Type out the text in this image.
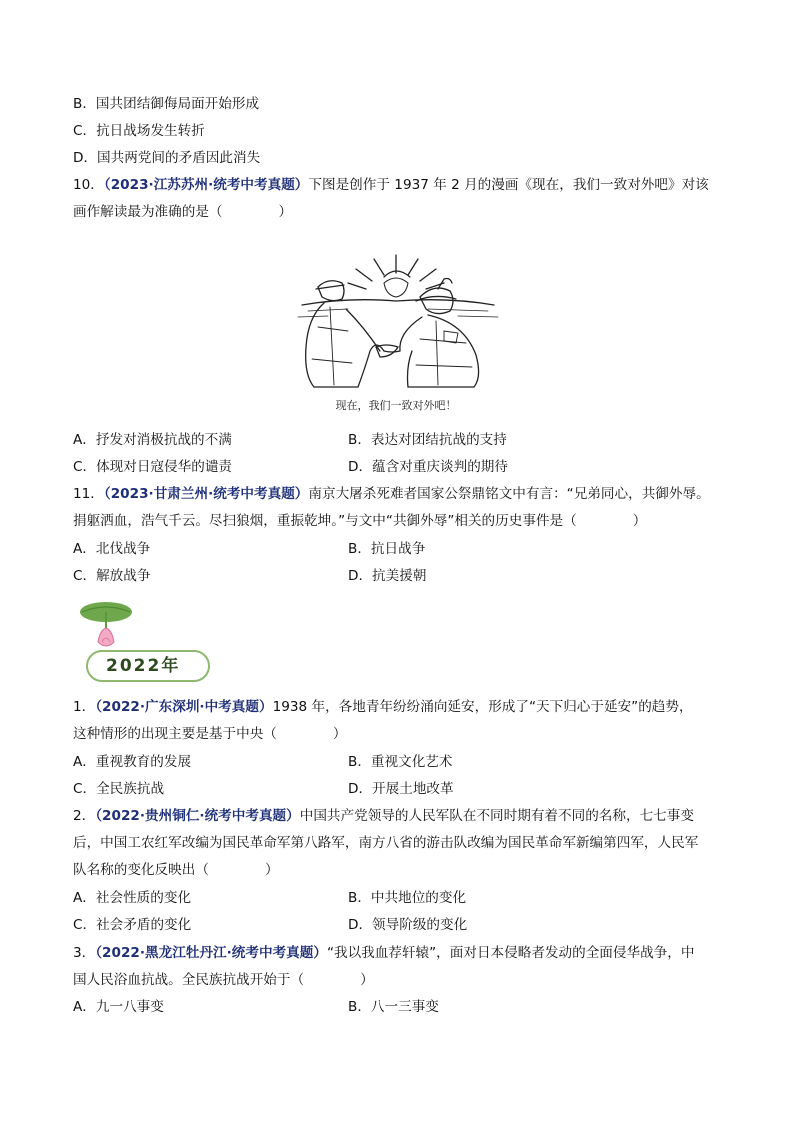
B．国共团结御侮局面开始形成
C．抗日战场发生转折
D．国共两党间的矛盾因此消失
10．（2023·江苏苏州·统考中考真题）下图是创作于 1937 年 2 月的漫画《现在，我们一致对外吧》对该
画作解读最为准确的是（	）
现在，我们一致对外吧！
A．抒发对消极抗战的不满	B．表达对团结抗战的支持
C．体现对日寇侵华的谴责	D．蕴含对重庆谈判的期待
11．（2023·甘肃兰州·统考中考真题）南京大屠杀死难者国家公祭鼎铭文中有言：“兄弟同心，共御外辱。
捐躯洒血，浩气千云。尽扫狼烟，重振乾坤。”与文中“共御外辱”相关的历史事件是（	）
A．北伐战争	B．抗日战争
C．解放战争	D．抗美援朝
2022年
1．（2022·广东深圳·中考真题）1938 年，各地青年纷纷涌向延安，形成了“天下归心于延安”的趋势，
这种情形的出现主要是基于中央（	）
A．重视教育的发展	B．重视文化艺术
C．全民族抗战	D．开展土地改革
2．（2022·贵州铜仁·统考中考真题）中国共产党领导的人民军队在不同时期有着不同的名称，七七事变
后，中国工农红军改编为国民革命军第八路军，南方八省的游击队改编为国民革命军新编第四军，人民军
队名称的变化反映出（	）
A．社会性质的变化	B．中共地位的变化
C．社会矛盾的变化	D．领导阶级的变化
3．（2022·黑龙江牡丹江·统考中考真题）“我以我血荐轩辕”，面对日本侵略者发动的全面侵华战争，中
国人民浴血抗战。全民族抗战开始于（	）
A．九一八事变	B．八一三事变
